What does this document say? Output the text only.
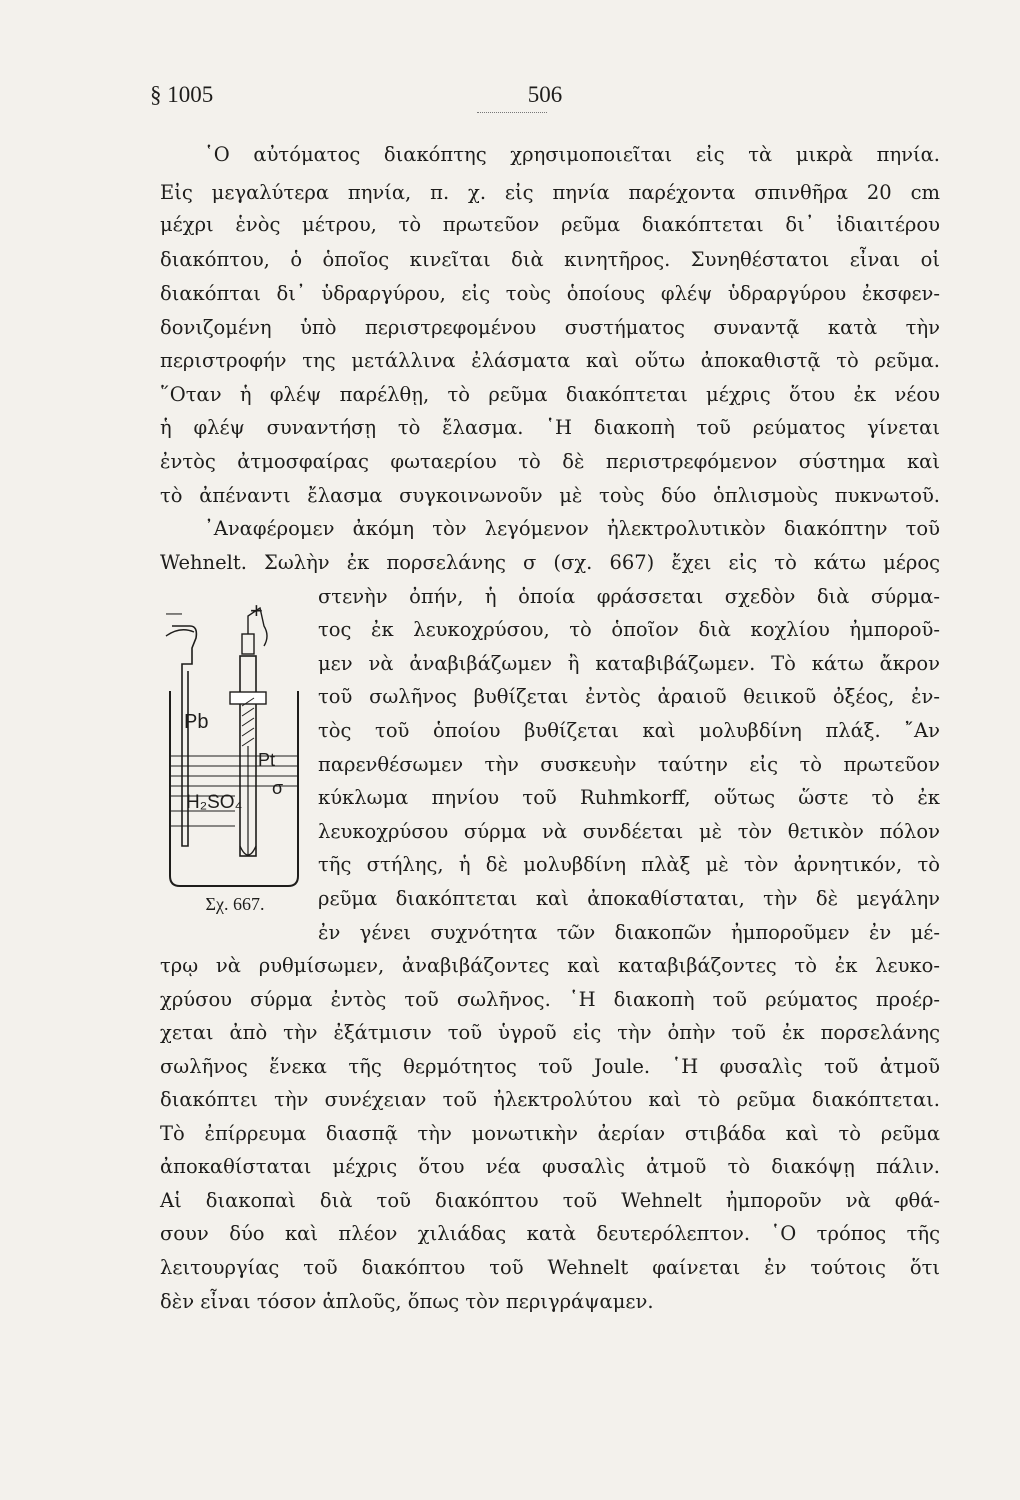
§ 1005	506
῾Ο αὐτόματος διακόπτης χρησιμοποιεῖται εἰς τὰ μικρὰ πηνία.
Εἰς μεγαλύτερα πηνία, π. χ. εἰς πηνία παρέχοντα σπινθῆρα 20 cm
μέχρι ἑνὸς μέτρου, τὸ πρωτεῦον ρεῦμα διακόπτεται δι᾽ ἰδιαιτέρου
διακόπτου, ὁ ὁποῖος κινεῖται διὰ κινητῆρος. Συνηθέστατοι εἶναι οἱ
διακόπται δι᾽ ὑδραργύρου, εἰς τοὺς ὁποίους φλέψ ὑδραργύρου ἐκσφεν-
δονιζομένη ὑπὸ περιστρεφομένου συστήματος συναντᾷ κατὰ τὴν
περιστροφήν της μετάλλινα ἐλάσματα καὶ οὕτω ἀποκαθιστᾷ τὸ ρεῦμα.
῞Οταν ἡ φλέψ παρέλθῃ, τὸ ρεῦμα διακόπτεται μέχρις ὅτου ἐκ νέου
ἡ φλέψ συναντήσῃ τὸ ἔλασμα. ῾Η διακοπὴ τοῦ ρεύματος γίνεται
ἐντὸς ἀτμοσφαίρας φωταερίου τὸ δὲ περιστρεφόμενον σύστημα καὶ
τὸ ἀπέναντι ἔλασμα συγκοινωνοῦν μὲ τοὺς δύο ὁπλισμοὺς πυκνωτοῦ.
᾽Αναφέρομεν ἀκόμη τὸν λεγόμενον ἠλεκτρολυτικὸν διακόπτην τοῦ
Wehnelt. Σωλὴν ἐκ πορσελάνης σ (σχ. 667) ἔχει εἰς τὸ κάτω μέρος
στενὴν ὀπήν, ἡ ὁποία φράσσεται σχεδὸν διὰ σύρμα-
τος ἐκ λευκοχρύσου, τὸ ὁποῖον διὰ κοχλίου ἠμποροῦ-
μεν νὰ ἀναβιβάζωμεν ἢ καταβιβάζωμεν. Τὸ κάτω ἄκρον
τοῦ σωλῆνος βυθίζεται ἐντὸς ἀραιοῦ θειικοῦ ὀξέος, ἐν-
τὸς τοῦ ὁποίου βυθίζεται καὶ μολυβδίνη πλάξ. ῎Αν
παρενθέσωμεν τὴν συσκευὴν ταύτην εἰς τὸ πρωτεῦον
κύκλωμα πηνίου τοῦ Ruhmkorff, οὕτως ὥστε τὸ ἐκ
λευκοχρύσου σύρμα νὰ συνδέεται μὲ τὸν θετικὸν πόλον
τῆς στήλης, ἡ δὲ μολυβδίνη πλὰξ μὲ τὸν ἀρνητικόν, τὸ
ρεῦμα διακόπτεται καὶ ἀποκαθίσταται, τὴν δὲ μεγάλην
ἐν γένει συχνότητα τῶν διακοπῶν ἠμποροῦμεν ἐν μέ-
τρῳ νὰ ρυθμίσωμεν, ἀναβιβάζοντες καὶ καταβιβάζοντες τὸ ἐκ λευκο-
χρύσου σύρμα ἐντὸς τοῦ σωλῆνος. ῾Η διακοπὴ τοῦ ρεύματος προέρ-
χεται ἀπὸ τὴν ἐξάτμισιν τοῦ ὑγροῦ εἰς τὴν ὀπὴν τοῦ ἐκ πορσελάνης
σωλῆνος ἕνεκα τῆς θερμότητος τοῦ Joule. ῾Η φυσαλὶς τοῦ ἀτμοῦ
διακόπτει τὴν συνέχειαν τοῦ ἠλεκτρολύτου καὶ τὸ ρεῦμα διακόπτεται.
Τὸ ἐπίρρευμα διασπᾷ τὴν μονωτικὴν ἀερίαν στιβάδα καὶ τὸ ρεῦμα
ἀποκαθίσταται μέχρις ὅτου νέα φυσαλὶς ἀτμοῦ τὸ διακόψῃ πάλιν.
Αἱ διακοπαὶ διὰ τοῦ διακόπτου τοῦ Wehnelt ἠμποροῦν νὰ φθά-
σουν δύο καὶ πλέον χιλιάδας κατὰ δευτερόλεπτον. ῾Ο τρόπος τῆς
λειτουργίας τοῦ διακόπτου τοῦ Wehnelt φαίνεται ἐν τούτοις ὅτι
δὲν εἶναι τόσον ἁπλοῦς, ὅπως τὸν περιγράψαμεν.
—	+
Pb
Pt
σ
H₂SO₄
Σχ. 667.
